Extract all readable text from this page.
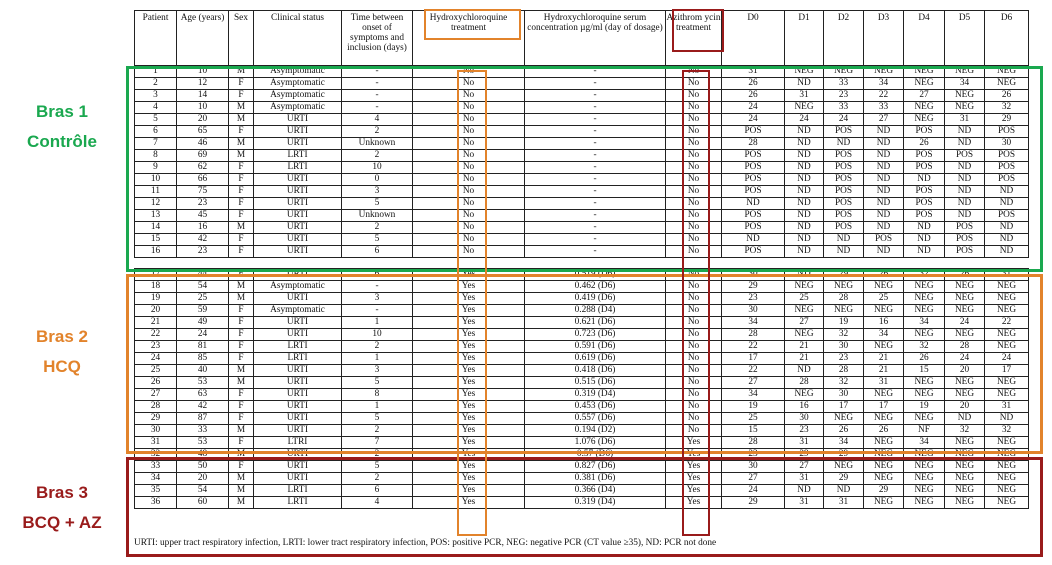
Patient	Age (years)	Sex	Clinical status	Time between onset of symptoms and inclusion (days)	Hydroxychloroquine treatment	Hydroxychloroquine serum concentration µg/ml (day of dosage)	Azithrom ycin treatment	D0	D1	D2	D3	D4	D5	D6
1	10	M	Asymptomatic	-	No	-	No	31	NEG	NEG	NEG	NEG	NEG	NEG
2	12	F	Asymptomatic	-	No	-	No	26	ND	33	34	NEG	34	NEG
3	14	F	Asymptomatic	-	No	-	No	26	31	23	22	27	NEG	26
4	10	M	Asymptomatic	-	No	-	No	24	NEG	33	33	NEG	NEG	32
5	20	M	URTI	4	No	-	No	24	24	24	27	NEG	31	29
6	65	F	URTI	2	No	-	No	POS	ND	POS	ND	POS	ND	POS
7	46	M	URTI	Unknown	No	-	No	28	ND	ND	ND	26	ND	30
8	69	M	LRTI	2	No	-	No	POS	ND	POS	ND	POS	POS	POS
9	62	F	LRTI	10	No	-	No	POS	ND	POS	ND	POS	ND	POS
10	66	F	URTI	0	No	-	No	POS	ND	POS	ND	ND	ND	POS
11	75	F	URTI	3	No	-	No	POS	ND	POS	ND	POS	ND	ND
12	23	F	URTI	5	No	-	No	ND	ND	POS	ND	POS	ND	ND
13	45	F	URTI	Unknown	No	-	No	POS	ND	POS	ND	POS	ND	POS
14	16	M	URTI	2	No	-	No	POS	ND	POS	ND	ND	POS	ND
15	42	F	URTI	5	No	-	No	ND	ND	ND	POS	ND	POS	ND
16	23	F	URTI	6	No	-	No	POS	ND	ND	ND	ND	POS	ND

17	44	F	URTI	6	Yes	0.519 (D6)	No	30	ND	29	26	32	26	31
18	54	M	Asymptomatic	-	Yes	0.462 (D6)	No	29	NEG	NEG	NEG	NEG	NEG	NEG
19	25	M	URTI	3	Yes	0.419 (D6)	No	23	25	28	25	NEG	NEG	NEG
20	59	F	Asymptomatic	-	Yes	0.288 (D4)	No	30	NEG	NEG	NEG	NEG	NEG	NEG
21	49	F	URTI	1	Yes	0.621 (D6)	No	34	27	19	16	34	24	22
22	24	F	URTI	10	Yes	0.723 (D6)	No	28	NEG	32	34	NEG	NEG	NEG
23	81	F	LRTI	2	Yes	0.591 (D6)	No	22	21	30	NEG	32	28	NEG
24	85	F	LRTI	1	Yes	0.619 (D6)	No	17	21	23	21	26	24	24
25	40	M	URTI	3	Yes	0.418 (D6)	No	22	ND	28	21	15	20	17
26	53	M	URTI	5	Yes	0.515 (D6)	No	27	28	32	31	NEG	NEG	NEG
27	63	F	URTI	8	Yes	0.319 (D4)	No	34	NEG	30	NEG	NEG	NEG	NEG
28	42	F	URTI	1	Yes	0.453 (D6)	No	19	16	17	17	19	20	31
29	87	F	URTI	5	Yes	0.557 (D6)	No	25	30	NEG	NEG	NEG	ND	ND
30	33	M	URTI	2	Yes	0.194 (D2)	No	15	23	26	26	NF	32	32
31	53	F	LTRI	7	Yes	1.076 (D6)	Yes	28	31	34	NEG	34	NEG	NEG
32	48	M	URTI	2	Yes	0.57 (D6)	Yes	23	29	29	NEG	NEG	NEG	NEG
33	50	F	URTI	5	Yes	0.827 (D6)	Yes	30	27	NEG	NEG	NEG	NEG	NEG
34	20	M	URTI	2	Yes	0.381 (D6)	Yes	27	31	29	NEG	NEG	NEG	NEG
35	54	M	LRTI	6	Yes	0.366 (D4)	Yes	24	ND	ND	29	NEG	NEG	NEG
36	60	M	LRTI	4	Yes	0.319 (D4)	Yes	29	31	31	NEG	NEG	NEG	NEG
URTI: upper tract respiratory infection, LRTI: lower tract respiratory infection, POS: positive PCR, NEG: negative PCR (CT value ≥35), ND: PCR not done
Bras 1
Contrôle
Bras 2
HCQ
Bras 3
BCQ + AZ
